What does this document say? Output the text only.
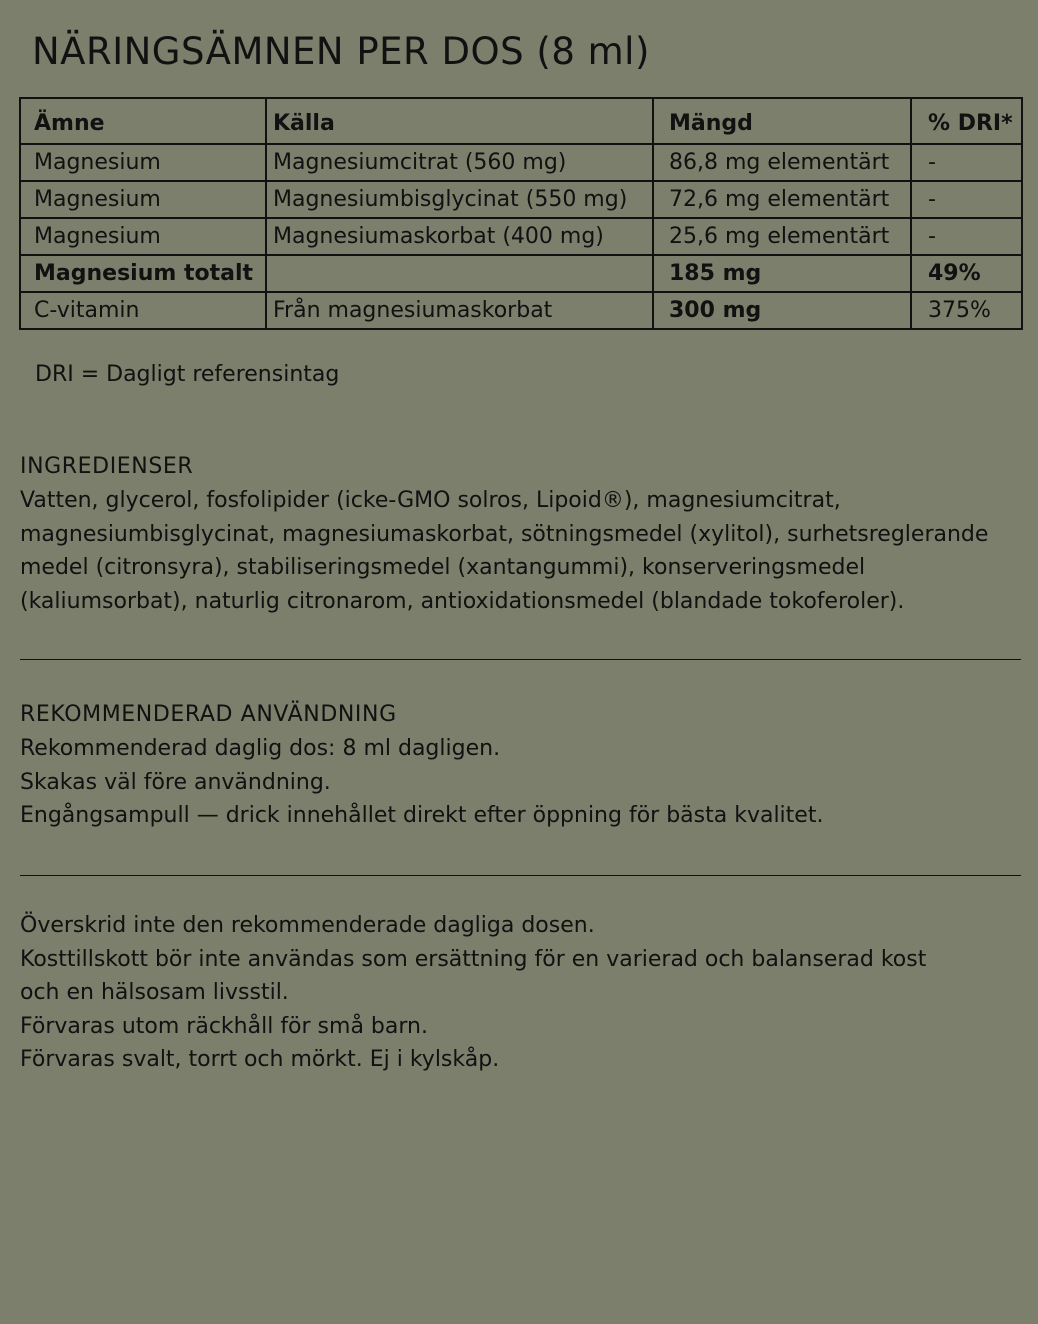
NÄRINGSÄMNEN PER DOS (8 ml)
Ämne	Källa	Mängd	% DRI*
Magnesium	Magnesiumcitrat (560 mg)	86,8 mg elementärt	-
Magnesium	Magnesiumbisglycinat (550 mg)	72,6 mg elementärt	-
Magnesium	Magnesiumaskorbat (400 mg)	25,6 mg elementärt	-
Magnesium totalt		185 mg	49%
C-vitamin	Från magnesiumaskorbat	300 mg	375%

DRI = Dagligt referensintag

INGREDIENSER

Vatten, glycerol, fosfolipider (icke-GMO solros, Lipoid®), magnesiumcitrat,
magnesiumbisglycinat, magnesiumaskorbat, sötningsmedel (xylitol), surhetsreglerande
medel (citronsyra), stabiliseringsmedel (xantangummi), konserveringsmedel
(kaliumsorbat), naturlig citronarom, antioxidationsmedel (blandade tokoferoler).

REKOMMENDERAD ANVÄNDNING

Rekommenderad daglig dos: 8 ml dagligen.
Skakas väl före användning.
Engångsampull — drick innehållet direkt efter öppning för bästa kvalitet.

Överskrid inte den rekommenderade dagliga dosen.
Kosttillskott bör inte användas som ersättning för en varierad och balanserad kost
och en hälsosam livsstil.
Förvaras utom räckhåll för små barn.
Förvaras svalt, torrt och mörkt. Ej i kylskåp.
